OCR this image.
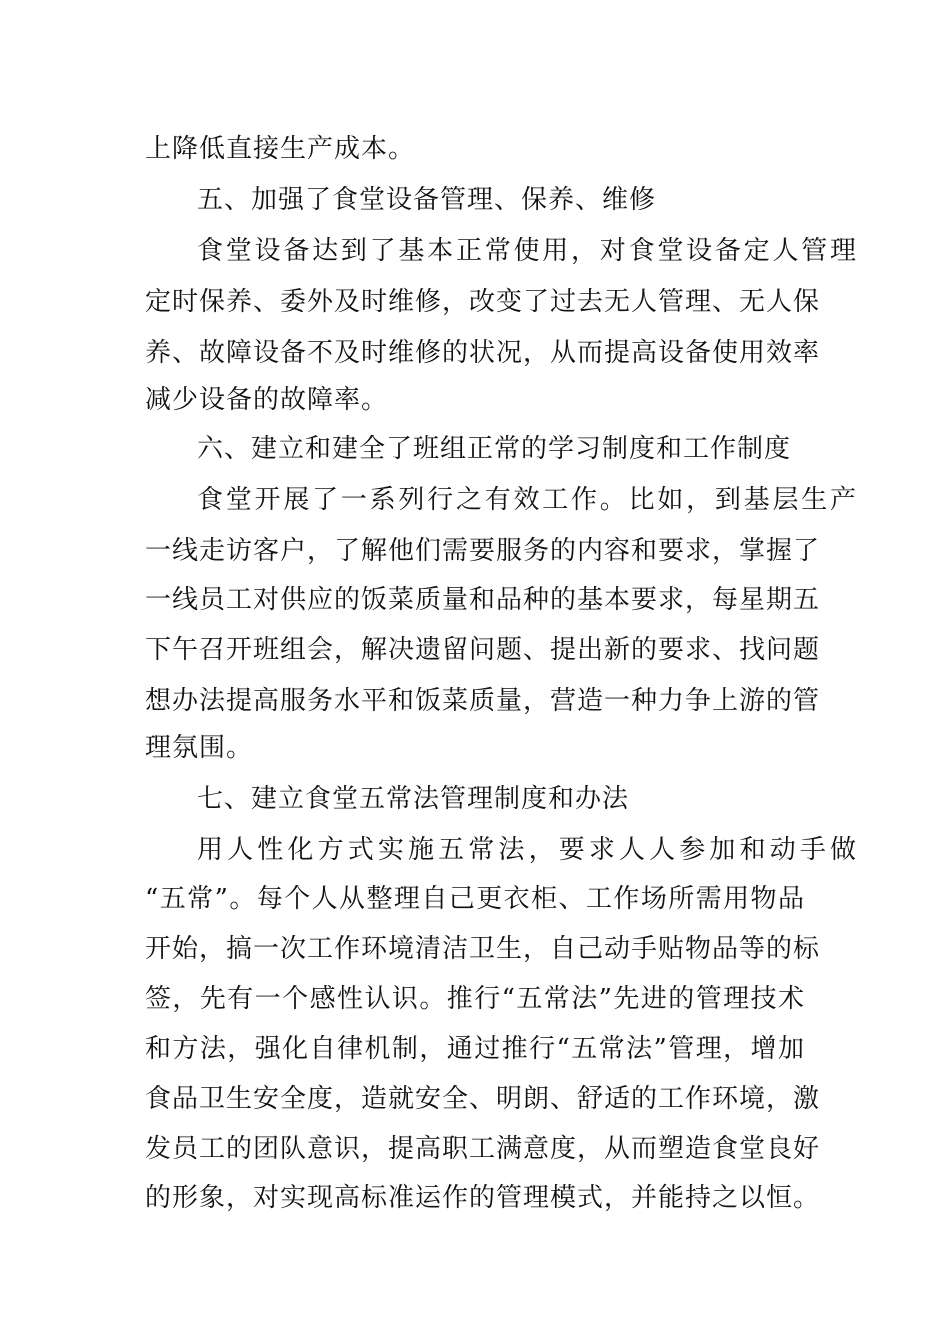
上降低直接生产成本。
五、加强了食堂设备管理、保养、维修
食堂设备达到了基本正常使用，对食堂设备定人管理
定时保养、委外及时维修，改变了过去无人管理、无人保
养、故障设备不及时维修的状况，从而提高设备使用效率
减少设备的故障率。
六、建立和建全了班组正常的学习制度和工作制度
食堂开展了一系列行之有效工作。比如，到基层生产
一线走访客户，了解他们需要服务的内容和要求，掌握了
一线员工对供应的饭菜质量和品种的基本要求，每星期五
下午召开班组会，解决遗留问题、提出新的要求、找问题
想办法提高服务水平和饭菜质量，营造一种力争上游的管
理氛围。
七、建立食堂五常法管理制度和办法
用人性化方式实施五常法，要求人人参加和动手做
“五常”。每个人从整理自己更衣柜、工作场所需用物品
开始，搞一次工作环境清洁卫生，自己动手贴物品等的标
签，先有一个感性认识。推行“五常法”先进的管理技术
和方法，强化自律机制，通过推行“五常法”管理，增加
食品卫生安全度，造就安全、明朗、舒适的工作环境，激
发员工的团队意识，提高职工满意度，从而塑造食堂良好
的形象，对实现高标准运作的管理模式，并能持之以恒。
